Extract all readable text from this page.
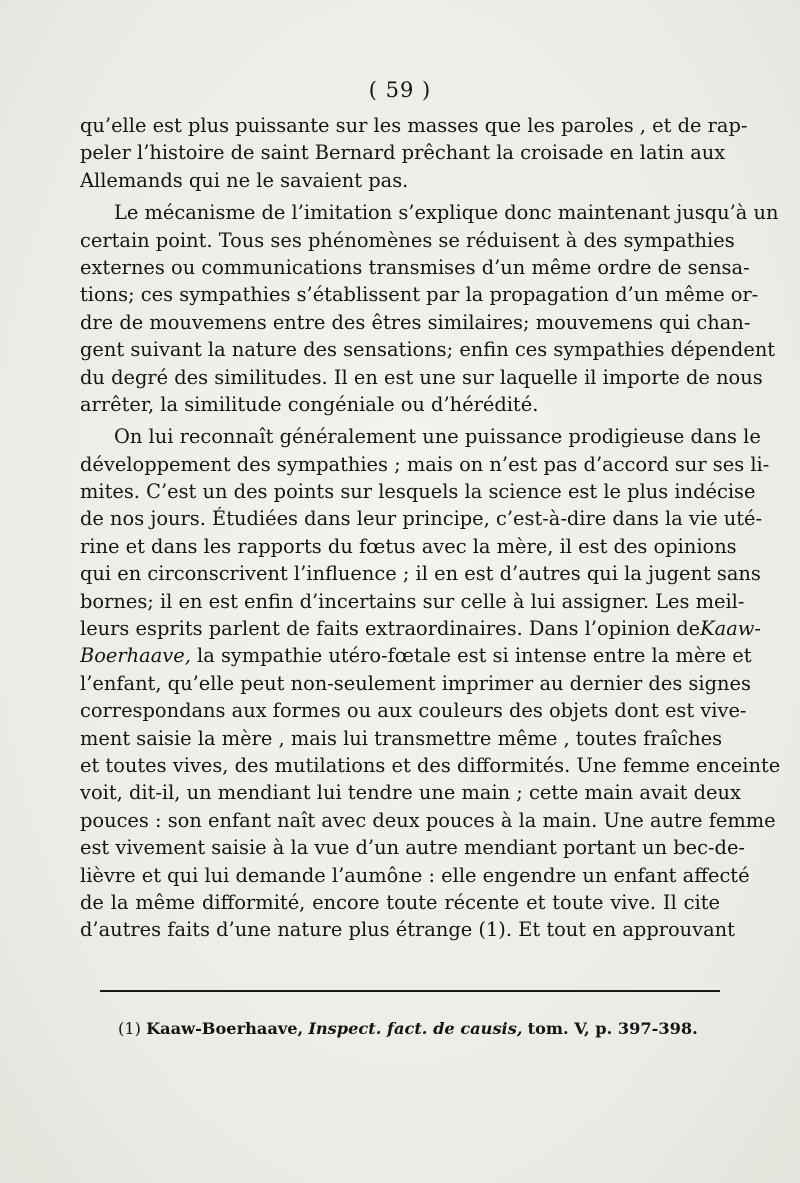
( 59 )
qu’elle est plus puissante sur les masses que les paroles , et de rap-
peler l’histoire de saint Bernard prêchant la croisade en latin aux
Allemands qui ne le savaient pas.
Le mécanisme de l’imitation s’explique donc maintenant jusqu’à un
certain point. Tous ses phénomènes se réduisent à des sympathies
externes ou communications transmises d’un même ordre de sensa-
tions; ces sympathies s’établissent par la propagation d’un même or-
dre de mouvemens entre des êtres similaires; mouvemens qui chan-
gent suivant la nature des sensations; enfin ces sympathies dépendent
du degré des similitudes. Il en est une sur laquelle il importe de nous
arrêter, la similitude congéniale ou d’hérédité.
On lui reconnaît généralement une puissance prodigieuse dans le
développement des sympathies ; mais on n’est pas d’accord sur ses li-
mites. C’est un des points sur lesquels la science est le plus indécise
de nos jours. Étudiées dans leur principe, c’est-à-dire dans la vie uté-
rine et dans les rapports du fœtus avec la mère, il est des opinions
qui en circonscrivent l’influence ; il en est d’autres qui la jugent sans
bornes; il en est enfin d’incertains sur celle à lui assigner. Les meil-
leurs esprits parlent de faits extraordinaires. Dans l’opinion deKaaw-
Boerhaave, la sympathie utéro-fœtale est si intense entre la mère et
l’enfant, qu’elle peut non-seulement imprimer au dernier des signes
correspondans aux formes ou aux couleurs des objets dont est vive-
ment saisie la mère , mais lui transmettre même , toutes fraîches
et toutes vives, des mutilations et des difformités. Une femme enceinte
voit, dit-il, un mendiant lui tendre une main ; cette main avait deux
pouces : son enfant naît avec deux pouces à la main. Une autre femme
est vivement saisie à la vue d’un autre mendiant portant un bec-de-
lièvre et qui lui demande l’aumône : elle engendre un enfant affecté
de la même difformité, encore toute récente et toute vive. Il cite
d’autres faits d’une nature plus étrange (1). Et tout en approuvant
(1) Kaaw-Boerhaave, Inspect. fact. de causis, tom. V, p. 397-398.
